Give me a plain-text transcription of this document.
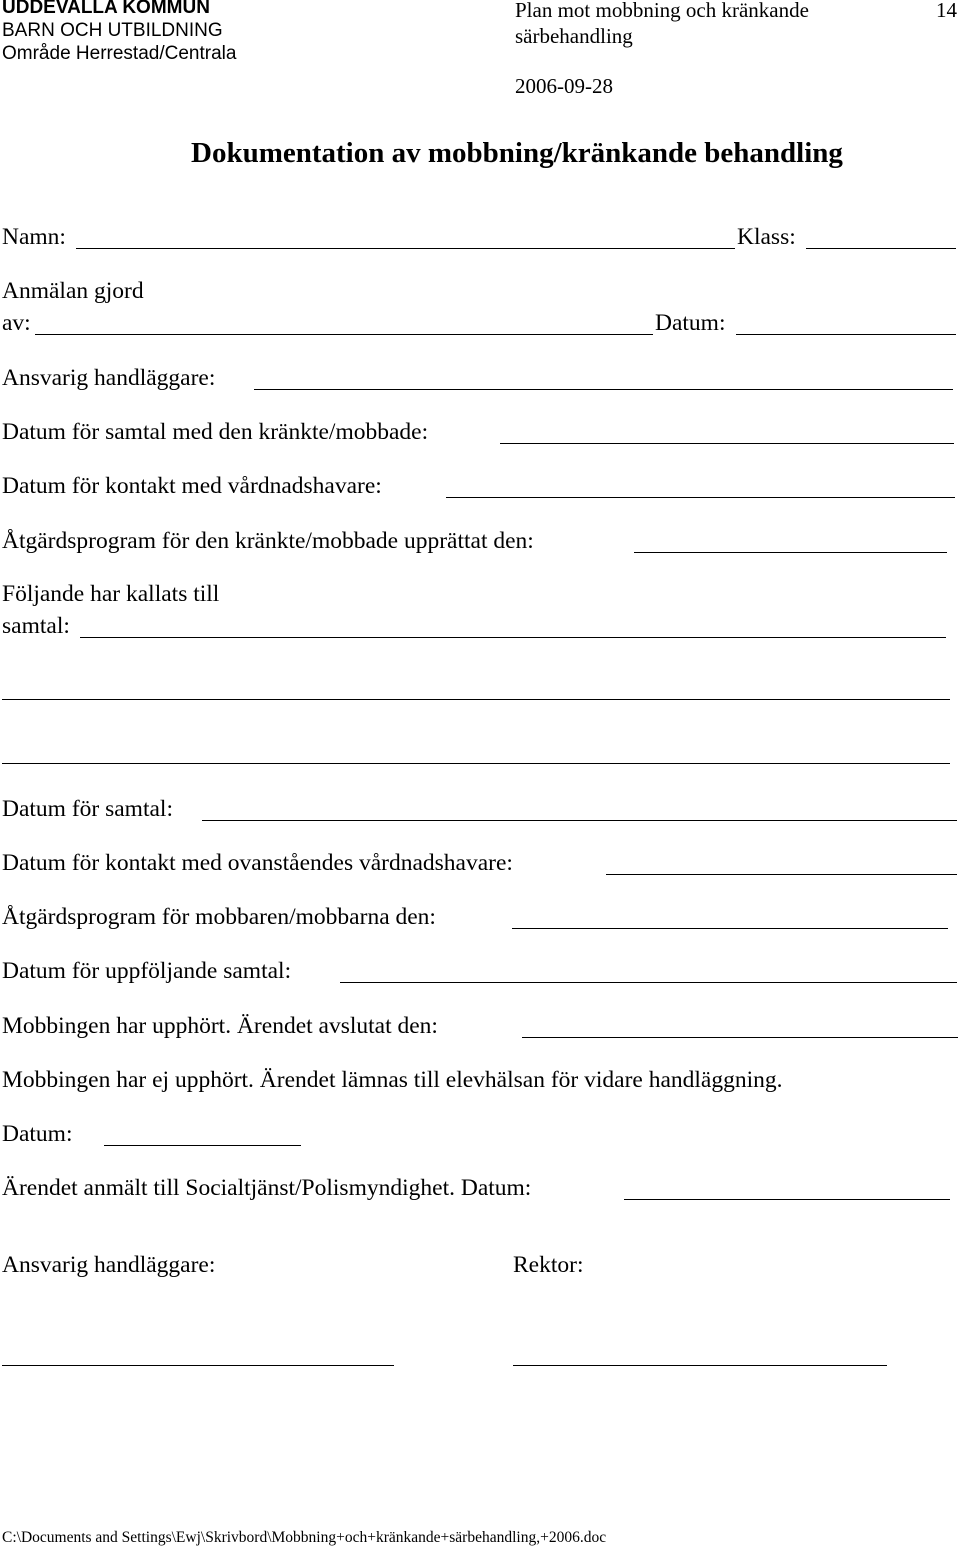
UDDEVALLA KOMMUN
BARN OCH UTBILDNING
Område Herrestad/Centrala
Plan mot mobbning och kränkande
särbehandling
2006-09-28
14
Dokumentation av mobbning/kränkande behandling
Namn:	Klass:
Anmälan gjord
av:	Datum:
Ansvarig handläggare:
Datum för samtal med den kränkte/mobbade:
Datum för kontakt med vårdnadshavare:
Åtgärdsprogram för den kränkte/mobbade upprättat den:
Följande har kallats till
samtal:
Datum för samtal:
Datum för kontakt med ovanståendes vårdnadshavare:
Åtgärdsprogram för mobbaren/mobbarna den:
Datum för uppföljande samtal:
Mobbingen har upphört. Ärendet avslutat den:
Mobbingen har ej upphört. Ärendet lämnas till elevhälsan för vidare handläggning.
Datum:
Ärendet anmält till Socialtjänst/Polismyndighet. Datum:
Ansvarig handläggare:	Rektor:
C:\Documents and Settings\Ewj\Skrivbord\Mobbning+och+kränkande+särbehandling,+2006.doc
